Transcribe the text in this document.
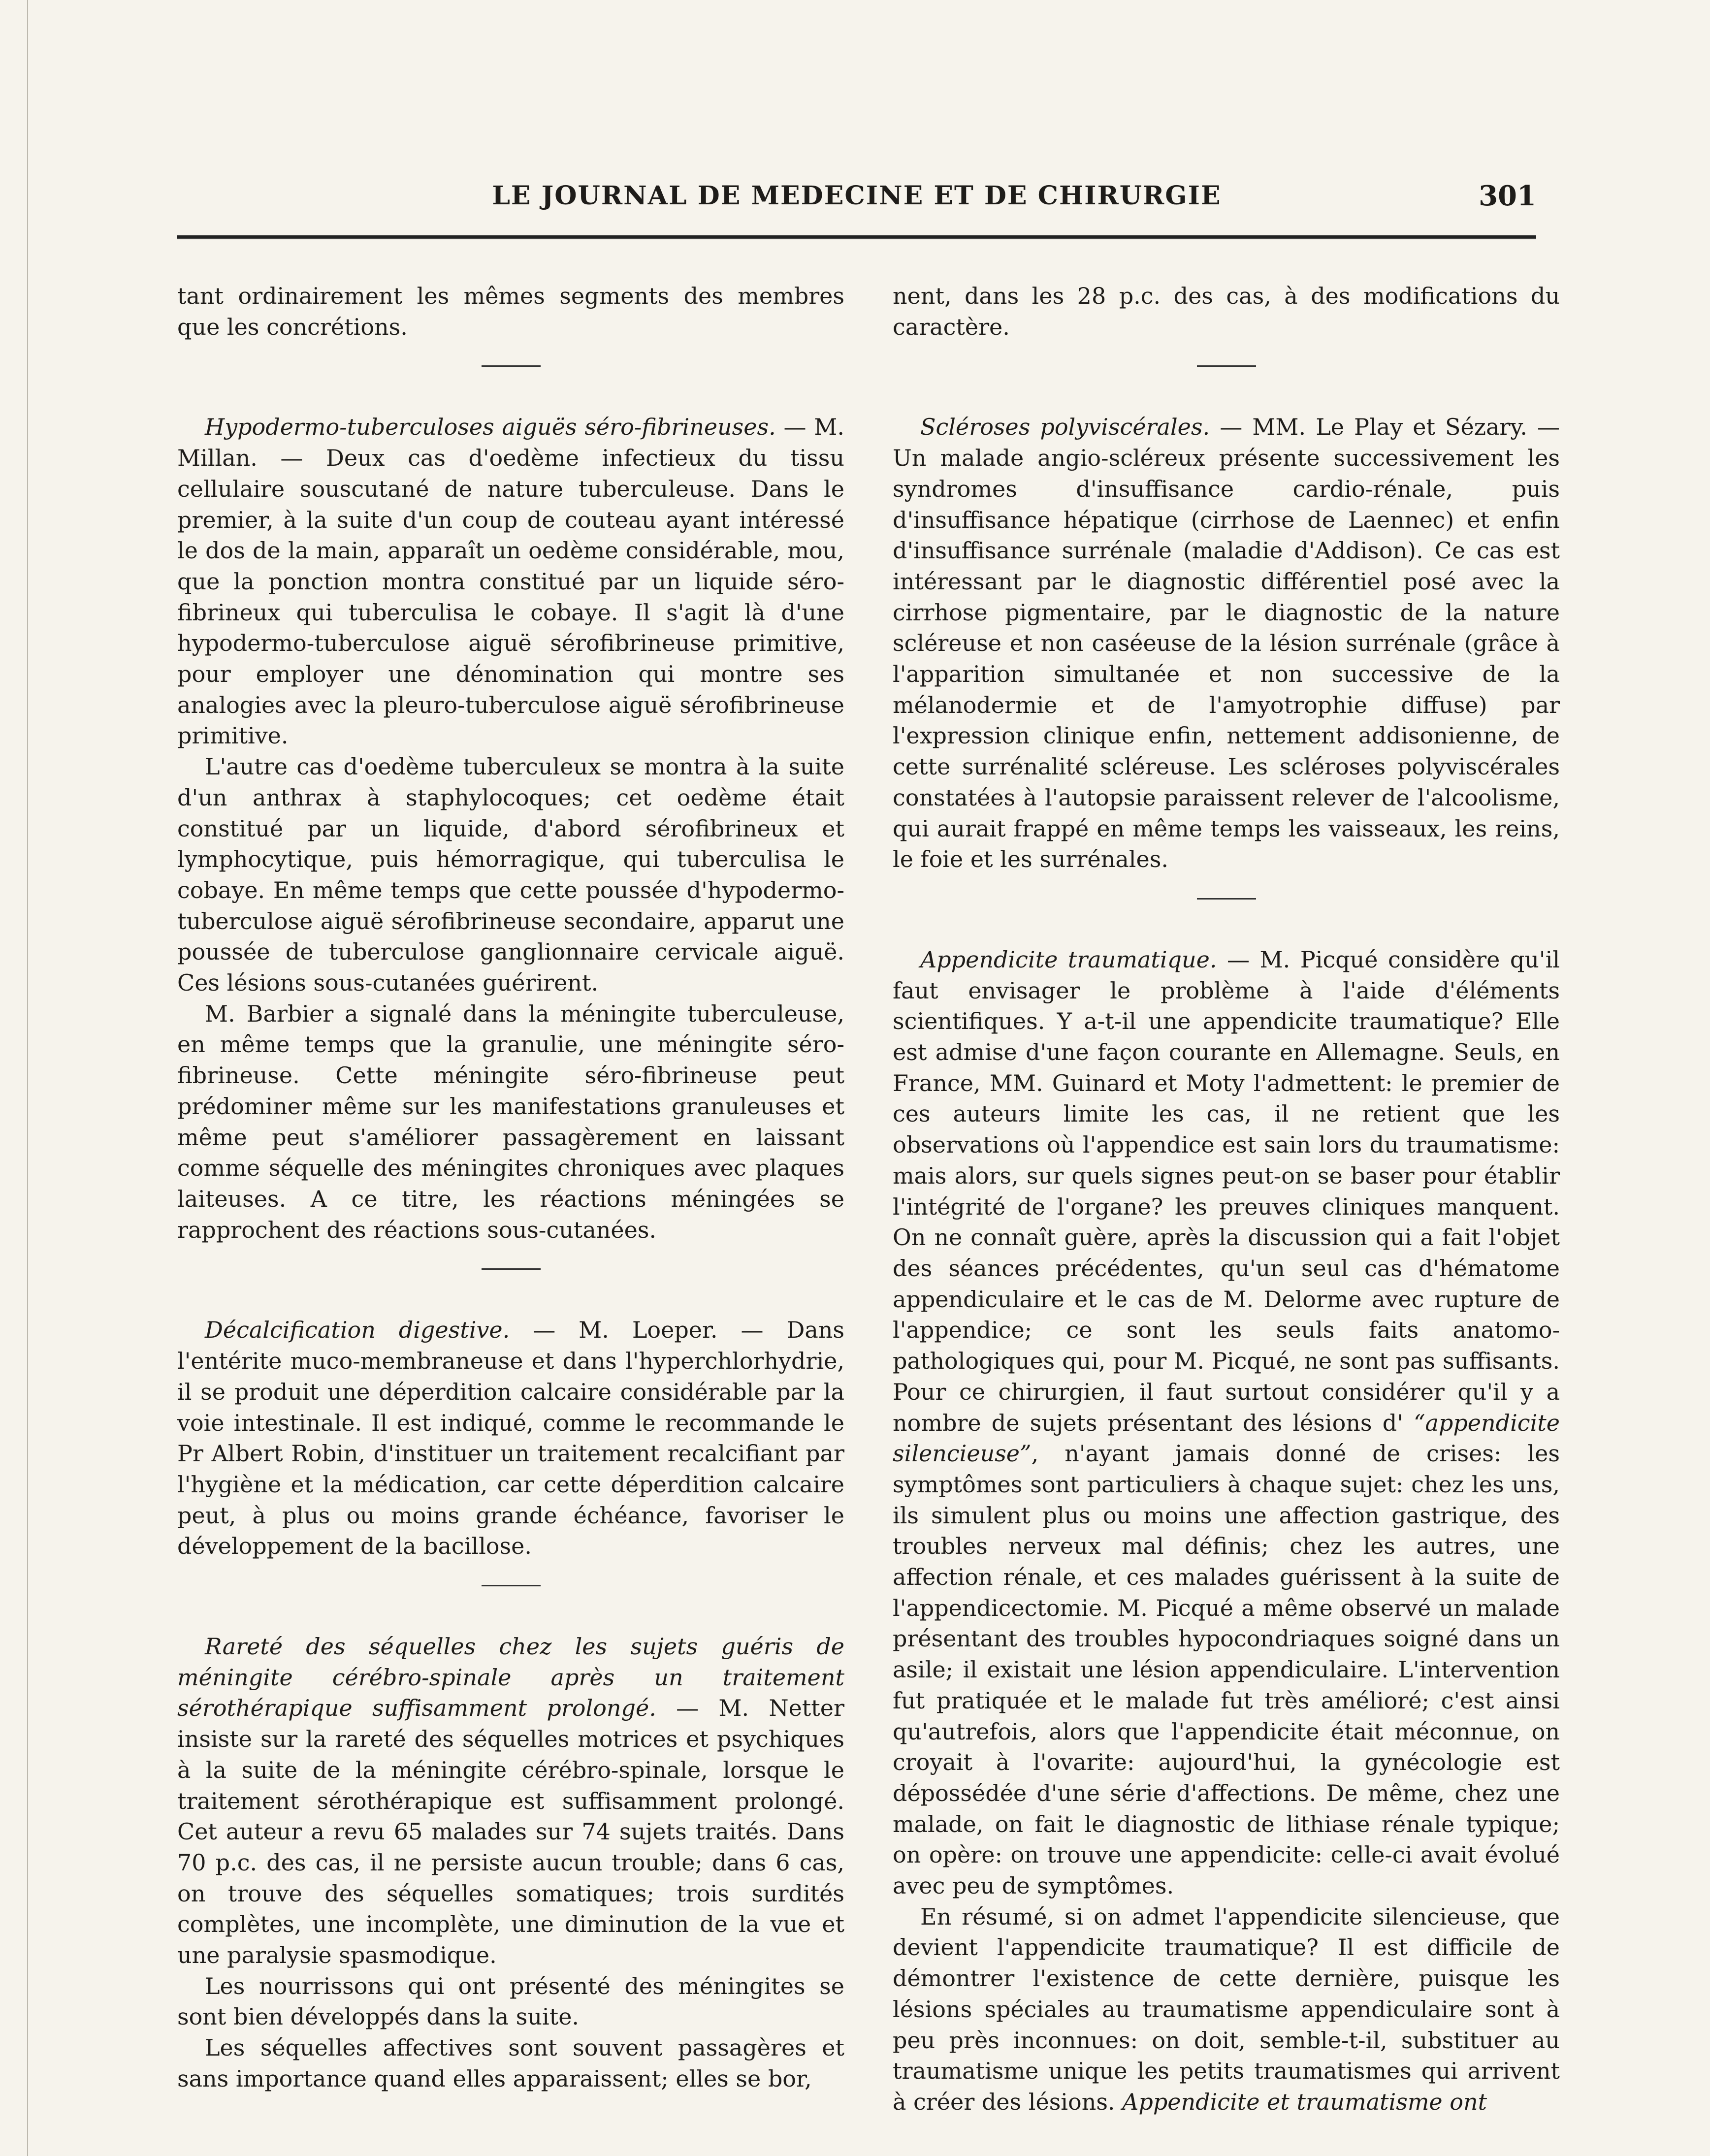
LE JOURNAL DE MEDECINE ET DE CHIRURGIE	301

tant ordinairement les mêmes segments des membres que les concrétions.

Hypodermo-tuberculoses aiguës séro-fibrineuses. — M. Millan. — Deux cas d'oedème infectieux du tissu cellulaire souscutané de nature tuberculeuse. Dans le premier, à la suite d'un coup de couteau ayant intéressé le dos de la main, apparaît un oedème considérable, mou, que la ponction montra constitué par un liquide séro-fibrineux qui tuberculisa le cobaye. Il s'agit là d'une hypodermo-tuberculose aiguë sérofibrineuse primitive, pour employer une dénomination qui montre ses analogies avec la pleuro-tuberculose aiguë sérofibrineuse primitive.

L'autre cas d'oedème tuberculeux se montra à la suite d'un anthrax à staphylocoques; cet oedème était constitué par un liquide, d'abord sérofibrineux et lymphocytique, puis hémorragique, qui tuberculisa le cobaye. En même temps que cette poussée d'hypodermo-tuberculose aiguë sérofibrineuse secondaire, apparut une poussée de tuberculose ganglionnaire cervicale aiguë. Ces lésions sous-cutanées guérirent.

M. Barbier a signalé dans la méningite tuberculeuse, en même temps que la granulie, une méningite séro-fibrineuse. Cette méningite séro-fibrineuse peut prédominer même sur les manifestations granuleuses et même peut s'améliorer passagèrement en laissant comme séquelle des méningites chroniques avec plaques laiteuses. A ce titre, les réactions méningées se rapprochent des réactions sous-cutanées.

Décalcification digestive. — M. Loeper. — Dans l'entérite muco-membraneuse et dans l'hyperchlorhydrie, il se produit une déperdition calcaire considérable par la voie intestinale. Il est indiqué, comme le recommande le Pr Albert Robin, d'instituer un traitement recalcifiant par l'hygiène et la médication, car cette déperdition calcaire peut, à plus ou moins grande échéance, favoriser le développement de la bacillose.

Rareté des séquelles chez les sujets guéris de méningite cérébro-spinale après un traitement sérothérapique suffisamment prolongé. — M. Netter insiste sur la rareté des séquelles motrices et psychiques à la suite de la méningite cérébro-spinale, lorsque le traitement sérothérapique est suffisamment prolongé. Cet auteur a revu 65 malades sur 74 sujets traités. Dans 70 p.c. des cas, il ne persiste aucun trouble; dans 6 cas, on trouve des séquelles somatiques; trois surdités complètes, une incomplète, une diminution de la vue et une paralysie spasmodique.

Les nourrissons qui ont présenté des méningites se sont bien développés dans la suite.

Les séquelles affectives sont souvent passagères et sans importance quand elles apparaissent; elles se bor,

nent, dans les 28 p.c. des cas, à des modifications du caractère.

Scléroses polyviscérales. — MM. Le Play et Sézary. — Un malade angio-scléreux présente successivement les syndromes d'insuffisance cardio-rénale, puis d'insuffisance hépatique (cirrhose de Laennec) et enfin d'insuffisance surrénale (maladie d'Addison). Ce cas est intéressant par le diagnostic différentiel posé avec la cirrhose pigmentaire, par le diagnostic de la nature scléreuse et non caséeuse de la lésion surrénale (grâce à l'apparition simultanée et non successive de la mélanodermie et de l'amyotrophie diffuse) par l'expression clinique enfin, nettement addisonienne, de cette surrénalité scléreuse. Les scléroses polyviscérales constatées à l'autopsie paraissent relever de l'alcoolisme, qui aurait frappé en même temps les vaisseaux, les reins, le foie et les surrénales.

Appendicite traumatique. — M. Picqué considère qu'il faut envisager le problème à l'aide d'éléments scientifiques. Y a-t-il une appendicite traumatique? Elle est admise d'une façon courante en Allemagne. Seuls, en France, MM. Guinard et Moty l'admettent: le premier de ces auteurs limite les cas, il ne retient que les observations où l'appendice est sain lors du traumatisme: mais alors, sur quels signes peut-on se baser pour établir l'intégrité de l'organe? les preuves cliniques manquent. On ne connaît guère, après la discussion qui a fait l'objet des séances précédentes, qu'un seul cas d'hématome appendiculaire et le cas de M. Delorme avec rupture de l'appendice; ce sont les seuls faits anatomo-pathologiques qui, pour M. Picqué, ne sont pas suffisants. Pour ce chirurgien, il faut surtout considérer qu'il y a nombre de sujets présentant des lésions d' “appendicite silencieuse”, n'ayant jamais donné de crises: les symptômes sont particuliers à chaque sujet: chez les uns, ils simulent plus ou moins une affection gastrique, des troubles nerveux mal définis; chez les autres, une affection rénale, et ces malades guérissent à la suite de l'appendicectomie. M. Picqué a même observé un malade présentant des troubles hypocondriaques soigné dans un asile; il existait une lésion appendiculaire. L'intervention fut pratiquée et le malade fut très amélioré; c'est ainsi qu'autrefois, alors que l'appendicite était méconnue, on croyait à l'ovarite: aujourd'hui, la gynécologie est dépossédée d'une série d'affections. De même, chez une malade, on fait le diagnostic de lithiase rénale typique; on opère: on trouve une appendicite: celle-ci avait évolué avec peu de symptômes.

En résumé, si on admet l'appendicite silencieuse, que devient l'appendicite traumatique? Il est difficile de démontrer l'existence de cette dernière, puisque les lésions spéciales au traumatisme appendiculaire sont à peu près inconnues: on doit, semble-t-il, substituer au traumatisme unique les petits traumatismes qui arrivent à créer des lésions. Appendicite et traumatisme ont
